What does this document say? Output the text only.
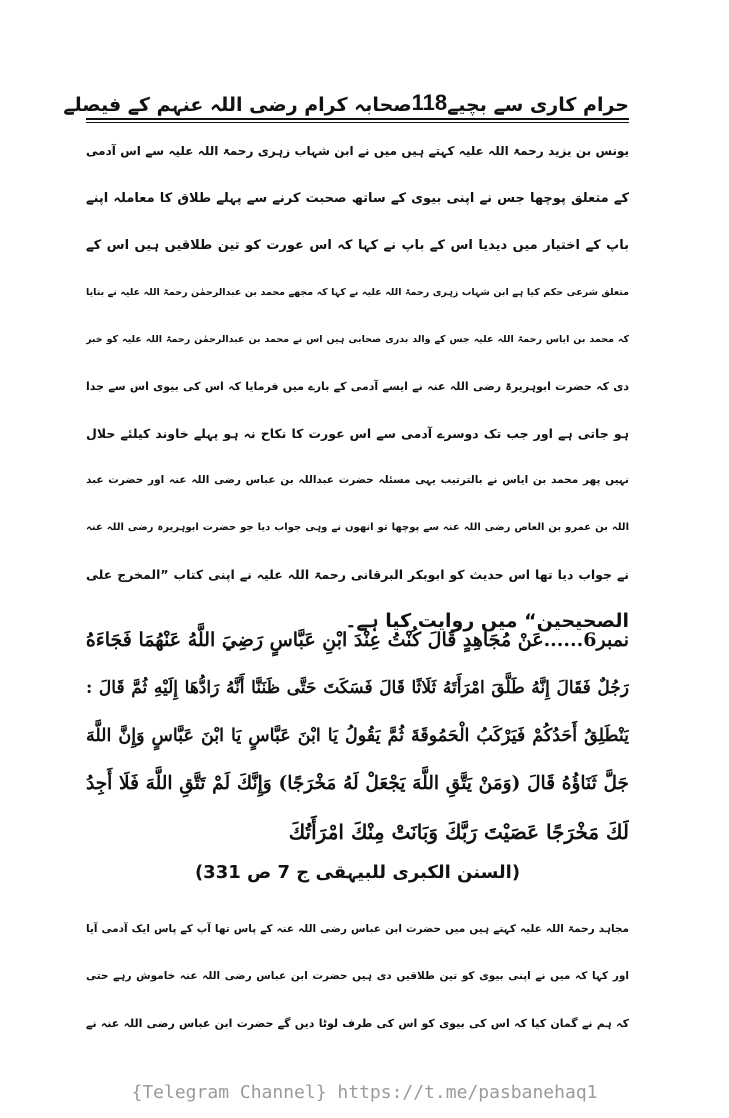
حرام کاری سے بچیے
118
صحابہ کرام رضی اللہ عنہم کے فیصلے
یونس بن یزید رحمۃ اللہ علیہ کہتے ہیں میں نے ابن شہاب زہری رحمۃ اللہ علیہ سے اس آدمی
کے متعلق پوچھا جس نے اپنی بیوی کے ساتھ صحبت کرنے سے پہلے طلاق کا معاملہ اپنے
باپ کے اختیار میں دیدیا اس کے باپ نے کہا کہ اس عورت کو تین طلاقیں ہیں اس کے
متعلق شرعی حکم کیا ہے ابن شہاب زہری رحمۃ اللہ علیہ نے کہا کہ مجھے محمد بن عبدالرحمٰن رحمۃ اللہ علیہ نے بتایا
کہ محمد بن ایاس رحمۃ اللہ علیہ جس کے والد بدری صحابی ہیں اس نے محمد بن عبدالرحمٰن رحمۃ اللہ علیہ کو خبر
دی کہ حضرت ابوہریرۃ رضی اللہ عنہ نے ایسے آدمی کے بارے میں فرمایا کہ اس کی بیوی اس سے جدا
ہو جاتی ہے اور جب تک دوسرے آدمی سے اس عورت کا نکاح نہ ہو پہلے خاوند کیلئے حلال
نہیں پھر محمد بن ایاس نے بالترتیب یہی مسئلہ حضرت عبداللہ بن عباس رضی اللہ عنہ اور حضرت عبد
اللہ بن عمرو بن العاص رضی اللہ عنہ سے پوچھا تو انھوں نے وہی جواب دیا جو حضرت ابوہریرہ رضی اللہ عنہ
نے جواب دیا تھا اس حدیث کو ابوبکر البرقانی رحمۃ اللہ علیہ نے اپنی کتاب ”المخرج علی
الصحیحین“ میں روایت کیا ہے۔
نمبر6......عَنْ مُجَاهِدٍ قَالَ كُنْتُ عِنْدَ ابْنِ عَبَّاسٍ رَضِيَ اللَّهُ عَنْهُمَا فَجَاءَهُ
رَجُلٌ فَقَالَ إِنَّهُ طَلَّقَ امْرَأَتَهُ ثَلَاثًا قَالَ فَسَكَتَ حَتَّى ظَنَنَّا أَنَّهُ رَادُّهَا إِلَيْهِ ثُمَّ قَالَ :
يَنْطَلِقُ أَحَدُكُمْ فَيَرْكَبُ الْحَمُوقَةَ ثُمَّ يَقُولُ يَا ابْنَ عَبَّاسٍ يَا ابْنَ عَبَّاسٍ وَإِنَّ اللَّهَ
جَلَّ ثَنَاؤُهُ قَالَ (وَمَنْ يَتَّقِ اللَّهَ يَجْعَلْ لَهُ مَخْرَجًا) وَإِنَّكَ لَمْ تَتَّقِ اللَّهَ فَلَا أَجِدُ
لَكَ مَخْرَجًا عَصَيْتَ رَبَّكَ وَبَانَتْ مِنْكَ امْرَأَتُكَ
(السنن الکبری للبیہقی ج 7 ص 331)
مجاہد رحمۃ اللہ علیہ کہتے ہیں میں حضرت ابن عباس رضی اللہ عنہ کے پاس تھا آپ کے پاس ایک آدمی آیا
اور کہا کہ میں نے اپنی بیوی کو تین طلاقیں دی ہیں حضرت ابن عباس رضی اللہ عنہ خاموش رہے حتی
کہ ہم نے گمان کیا کہ اس کی بیوی کو اس کی طرف لوٹا دیں گے حضرت ابن عباس رضی اللہ عنہ نے
{Telegram Channel} https://t.me/pasbanehaq1
